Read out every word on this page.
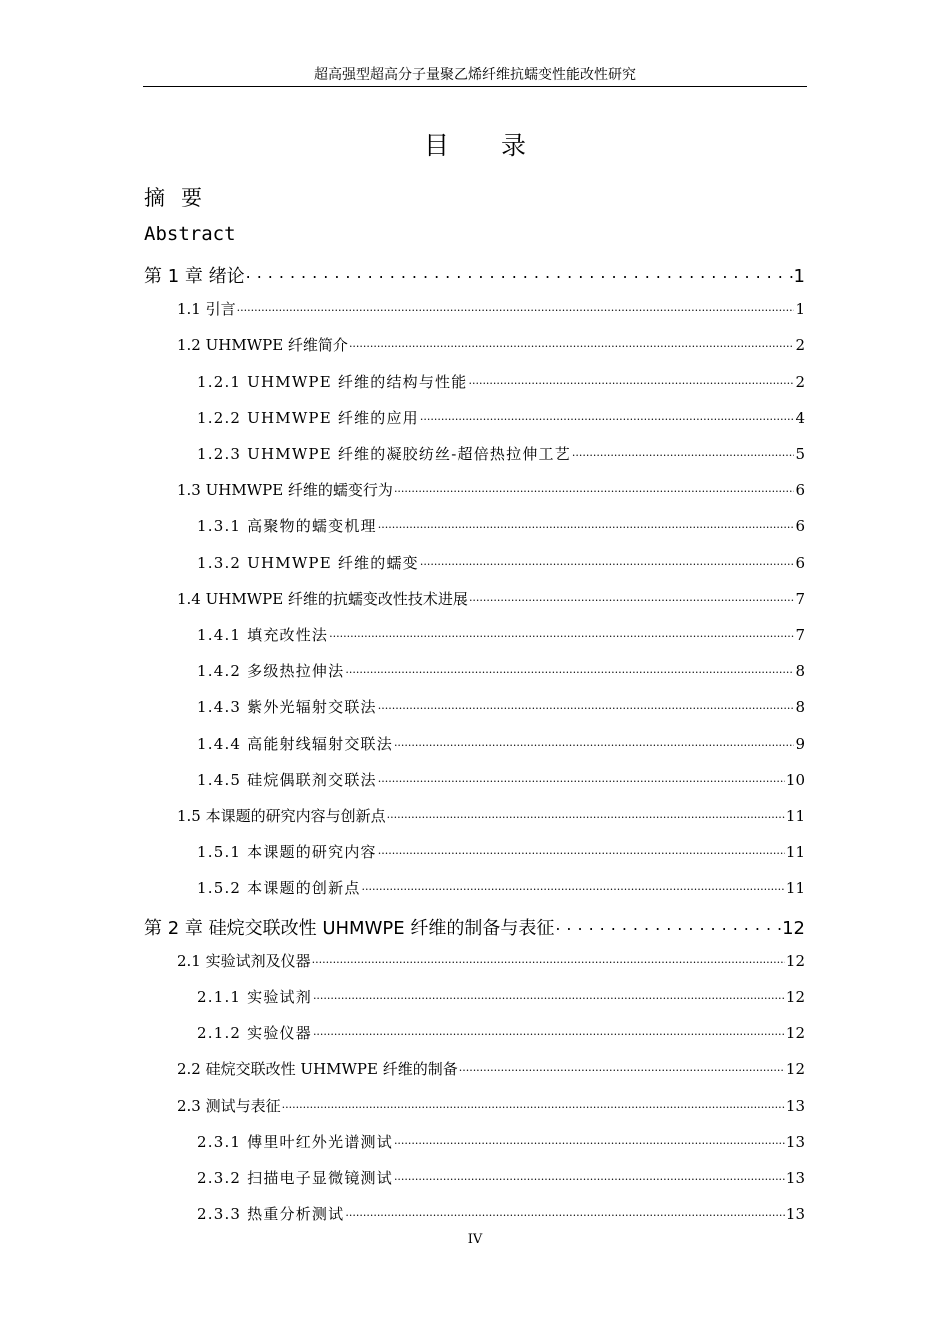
超高强型超高分子量聚乙烯纤维抗蠕变性能改性研究
目 录
摘要
Abstract
第 1 章 绪论 .....	1
1.1 引言 .....	1
1.2 UHMWPE 纤维简介 .....	2
1.2.1 UHMWPE 纤维的结构与性能 .....	2
1.2.2 UHMWPE 纤维的应用 .....	4
1.2.3 UHMWPE 纤维的凝胶纺丝-超倍热拉伸工艺 .....	5
1.3 UHMWPE 纤维的蠕变行为 .....	6
1.3.1 高聚物的蠕变机理 .....	6
1.3.2 UHMWPE 纤维的蠕变 .....	6
1.4 UHMWPE 纤维的抗蠕变改性技术进展 .....	7
1.4.1 填充改性法 .....	7
1.4.2 多级热拉伸法 .....	8
1.4.3 紫外光辐射交联法 .....	8
1.4.4 高能射线辐射交联法 .....	9
1.4.5 硅烷偶联剂交联法 .....	10
1.5 本课题的研究内容与创新点 .....	11
1.5.1 本课题的研究内容 .....	11
1.5.2 本课题的创新点 .....	11
第 2 章 硅烷交联改性 UHMWPE 纤维的制备与表征 .....	12
2.1 实验试剂及仪器 .....	12
2.1.1 实验试剂 .....	12
2.1.2 实验仪器 .....	12
2.2 硅烷交联改性 UHMWPE 纤维的制备 .....	12
2.3 测试与表征 .....	13
2.3.1 傅里叶红外光谱测试 .....	13
2.3.2 扫描电子显微镜测试 .....	13
2.3.3 热重分析测试 .....	13
IV
